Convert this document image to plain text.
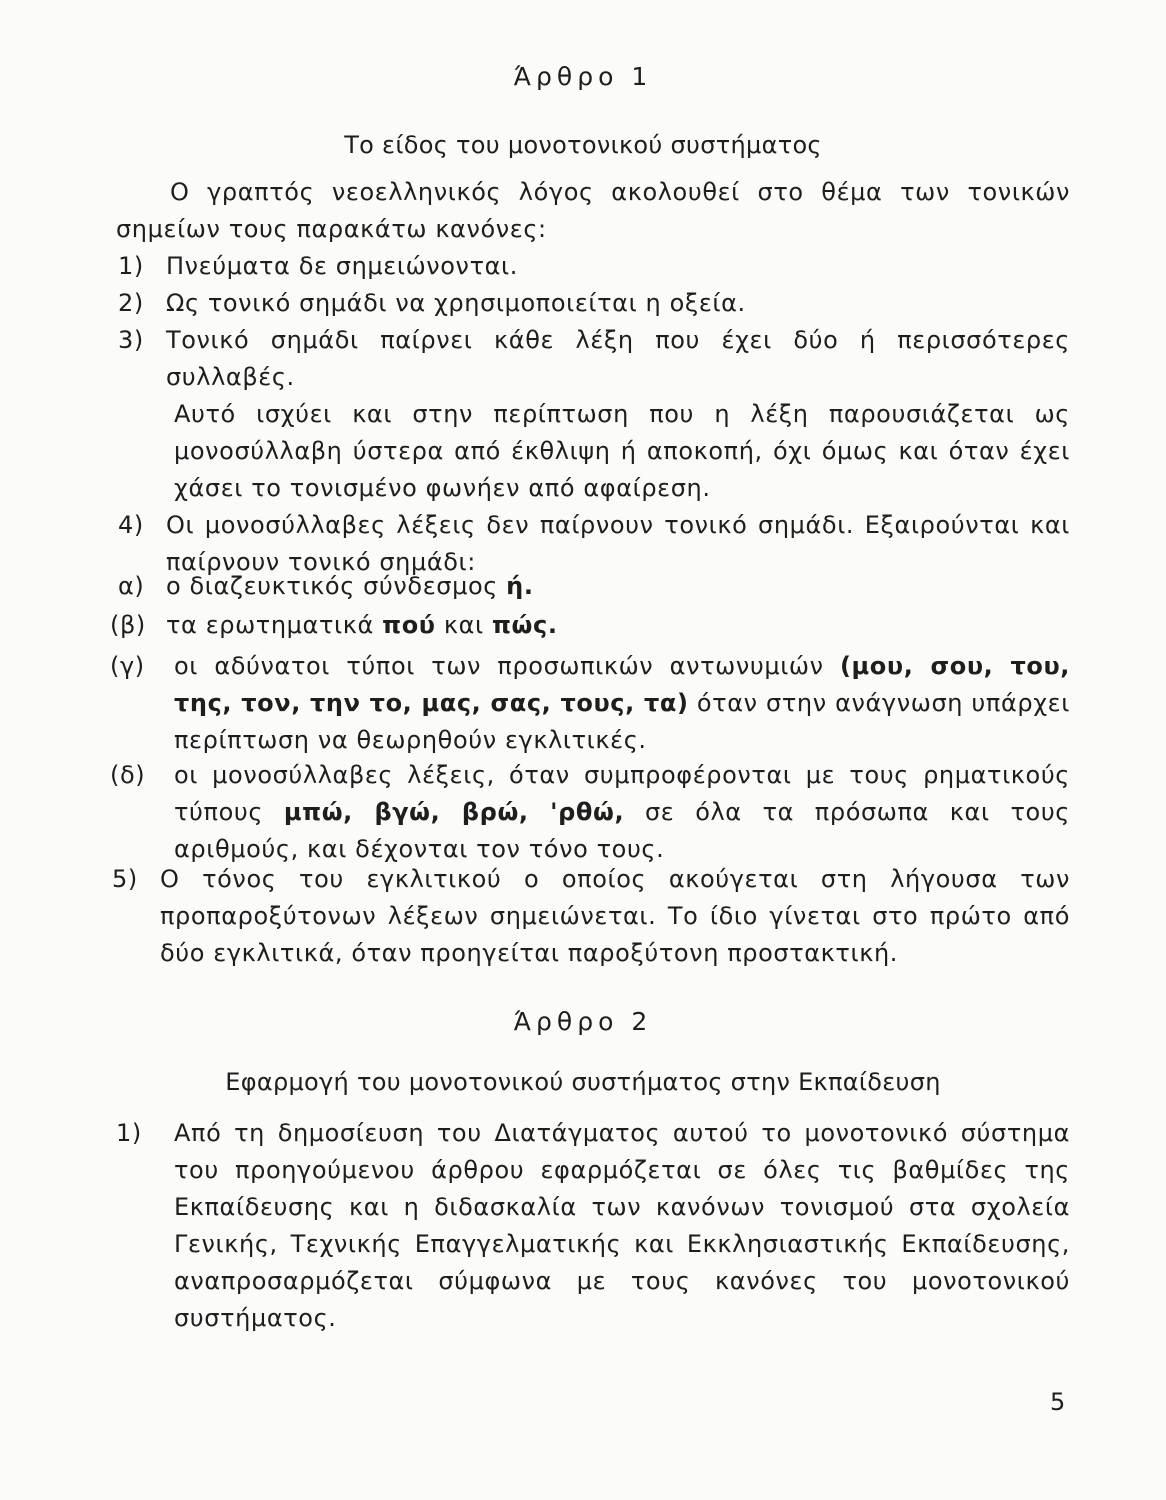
Άρθρο 1
Το είδος του μονοτονικού συστήματος
Ο γραπτός νεοελληνικός λόγος ακολουθεί στο θέμα των τονικών σημείων τους παρακάτω κανόνες:
1) Πνεύματα δε σημειώνονται.
2) Ως τονικό σημάδι να χρησιμοποιείται η οξεία.
3) Τονικό σημάδι παίρνει κάθε λέξη που έχει δύο ή περισσότερες συλλαβές.
Αυτό ισχύει και στην περίπτωση που η λέξη παρουσιάζεται ως μονοσύλλαβη ύστερα από έκθλιψη ή αποκοπή, όχι όμως και όταν έχει χάσει το τονισμένο φωνήεν από αφαίρεση.
4) Οι μονοσύλλαβες λέξεις δεν παίρνουν τονικό σημάδι. Εξαιρούνται και παίρνουν τονικό σημάδι:
α) ο διαζευκτικός σύνδεσμος ή.
(β) τα ερωτηματικά πού και πώς.
(γ) οι αδύνατοι τύποι των προσωπικών αντωνυμιών (μου, σου, του, της, τον, την το, μας, σας, τους, τα) όταν στην ανάγνωση υπάρχει περίπτωση να θεωρηθούν εγκλιτικές.
(δ) οι μονοσύλλαβες λέξεις, όταν συμπροφέρονται με τους ρηματικούς τύπους μπώ, βγώ, βρώ, 'ρθώ, σε όλα τα πρόσωπα και τους αριθμούς, και δέχονται τον τόνο τους.
5) Ο τόνος του εγκλιτικού ο οποίος ακούγεται στη λήγουσα των προπαροξύτονων λέξεων σημειώνεται. Το ίδιο γίνεται στο πρώτο από δύο εγκλιτικά, όταν προηγείται παροξύτονη προστακτική.
Άρθρο 2
Εφαρμογή του μονοτονικού συστήματος στην Εκπαίδευση
1) Από τη δημοσίευση του Διατάγματος αυτού το μονοτονικό σύστημα του προηγούμενου άρθρου εφαρμόζεται σε όλες τις βαθμίδες της Εκπαίδευσης και η διδασκαλία των κανόνων τονισμού στα σχολεία Γενικής, Τεχνικής Επαγγελματικής και Εκκλησιαστικής Εκπαίδευσης, αναπροσαρμόζεται σύμφωνα με τους κανόνες του μονοτονικού συστήματος.
5
